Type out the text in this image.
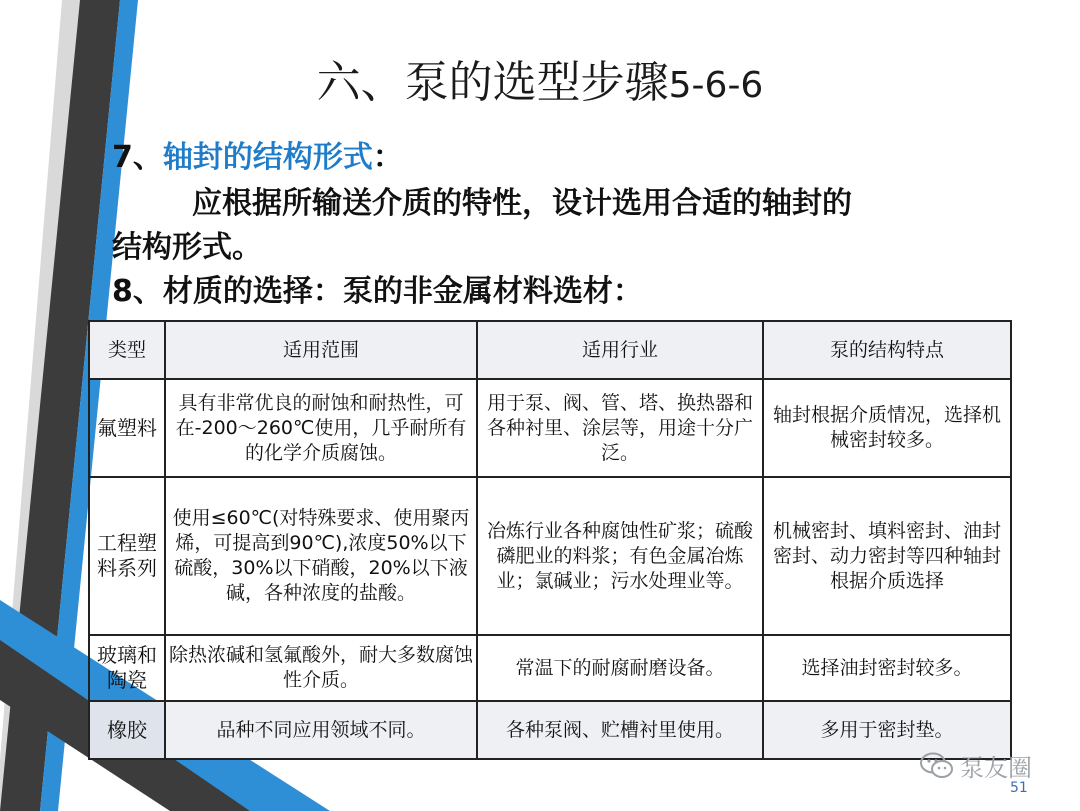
六、泵的选型步骤5-6-6
7、轴封的结构形式：
应根据所输送介质的特性，设计选用合适的轴封的
结构形式。
8、材质的选择：泵的非金属材料选材：
类型	适用范围	适用行业	泵的结构特点
氟塑料	具有非常优良的耐蚀和耐热性，可在-200～260℃使用，几乎耐所有的化学介质腐蚀。	用于泵、阀、管、塔、换热器和各种衬里、涂层等，用途十分广泛。	轴封根据介质情况，选择机械密封较多。
工程塑料系列	使用≤60℃(对特殊要求、使用聚丙烯，可提高到90℃),浓度50%以下硫酸，30%以下硝酸，20%以下液碱，各种浓度的盐酸。	冶炼行业各种腐蚀性矿浆；硫酸磷肥业的料浆；有色金属冶炼业；氯碱业；污水处理业等。	机械密封、填料密封、油封密封、动力密封等四种轴封根据介质选择
玻璃和陶瓷	除热浓碱和氢氟酸外，耐大多数腐蚀性介质。	常温下的耐腐耐磨设备。	选择油封密封较多。
橡胶	品种不同应用领域不同。	各种泵阀、贮槽衬里使用。	多用于密封垫。
泵友圈
51
